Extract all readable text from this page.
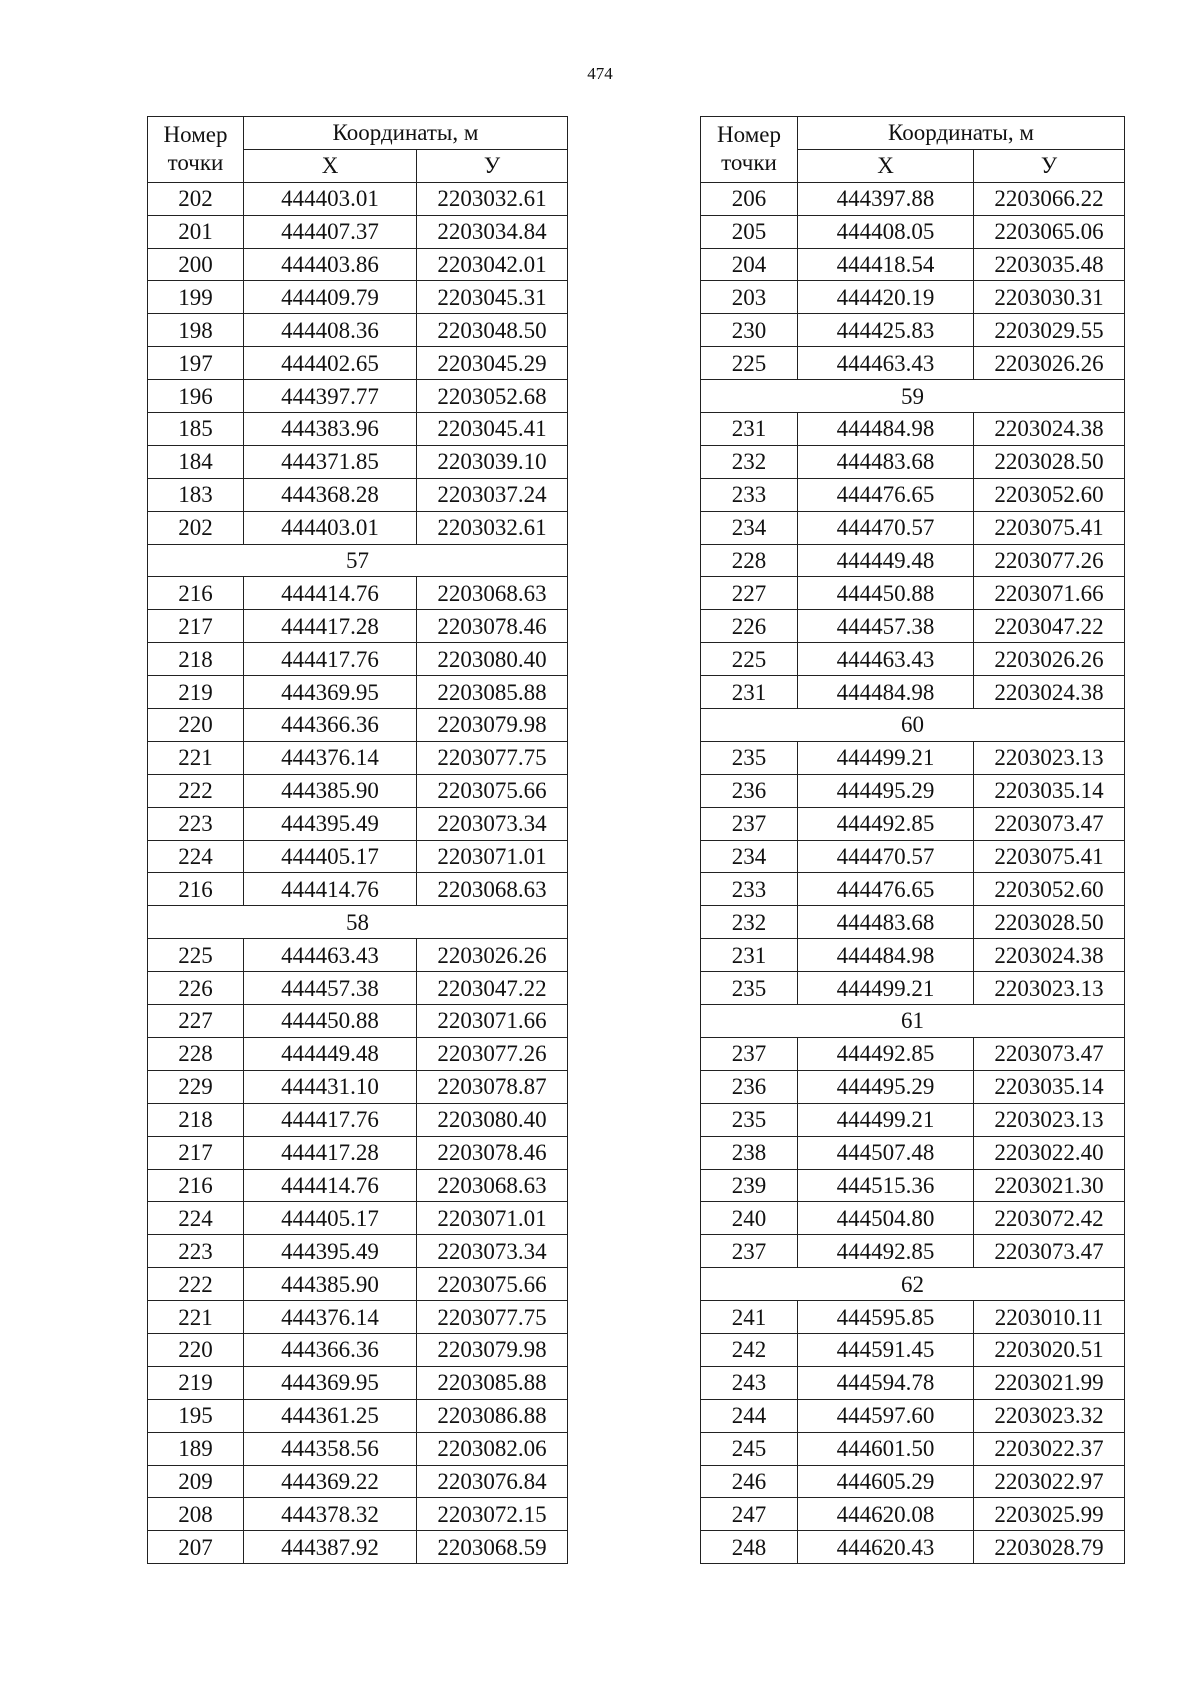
474
Номер
точки	Координаты, м	
	Х	У
202	444403.01	2203032.61
201	444407.37	2203034.84
200	444403.86	2203042.01
199	444409.79	2203045.31
198	444408.36	2203048.50
197	444402.65	2203045.29
196	444397.77	2203052.68
185	444383.96	2203045.41
184	444371.85	2203039.10
183	444368.28	2203037.24
202	444403.01	2203032.61
57		
216	444414.76	2203068.63
217	444417.28	2203078.46
218	444417.76	2203080.40
219	444369.95	2203085.88
220	444366.36	2203079.98
221	444376.14	2203077.75
222	444385.90	2203075.66
223	444395.49	2203073.34
224	444405.17	2203071.01
216	444414.76	2203068.63
58		
225	444463.43	2203026.26
226	444457.38	2203047.22
227	444450.88	2203071.66
228	444449.48	2203077.26
229	444431.10	2203078.87
218	444417.76	2203080.40
217	444417.28	2203078.46
216	444414.76	2203068.63
224	444405.17	2203071.01
223	444395.49	2203073.34
222	444385.90	2203075.66
221	444376.14	2203077.75
220	444366.36	2203079.98
219	444369.95	2203085.88
195	444361.25	2203086.88
189	444358.56	2203082.06
209	444369.22	2203076.84
208	444378.32	2203072.15
207	444387.92	2203068.59
Номер
точки	Координаты, м	
	Х	У
206	444397.88	2203066.22
205	444408.05	2203065.06
204	444418.54	2203035.48
203	444420.19	2203030.31
230	444425.83	2203029.55
225	444463.43	2203026.26
59		
231	444484.98	2203024.38
232	444483.68	2203028.50
233	444476.65	2203052.60
234	444470.57	2203075.41
228	444449.48	2203077.26
227	444450.88	2203071.66
226	444457.38	2203047.22
225	444463.43	2203026.26
231	444484.98	2203024.38
60		
235	444499.21	2203023.13
236	444495.29	2203035.14
237	444492.85	2203073.47
234	444470.57	2203075.41
233	444476.65	2203052.60
232	444483.68	2203028.50
231	444484.98	2203024.38
235	444499.21	2203023.13
61		
237	444492.85	2203073.47
236	444495.29	2203035.14
235	444499.21	2203023.13
238	444507.48	2203022.40
239	444515.36	2203021.30
240	444504.80	2203072.42
237	444492.85	2203073.47
62		
241	444595.85	2203010.11
242	444591.45	2203020.51
243	444594.78	2203021.99
244	444597.60	2203023.32
245	444601.50	2203022.37
246	444605.29	2203022.97
247	444620.08	2203025.99
248	444620.43	2203028.79
